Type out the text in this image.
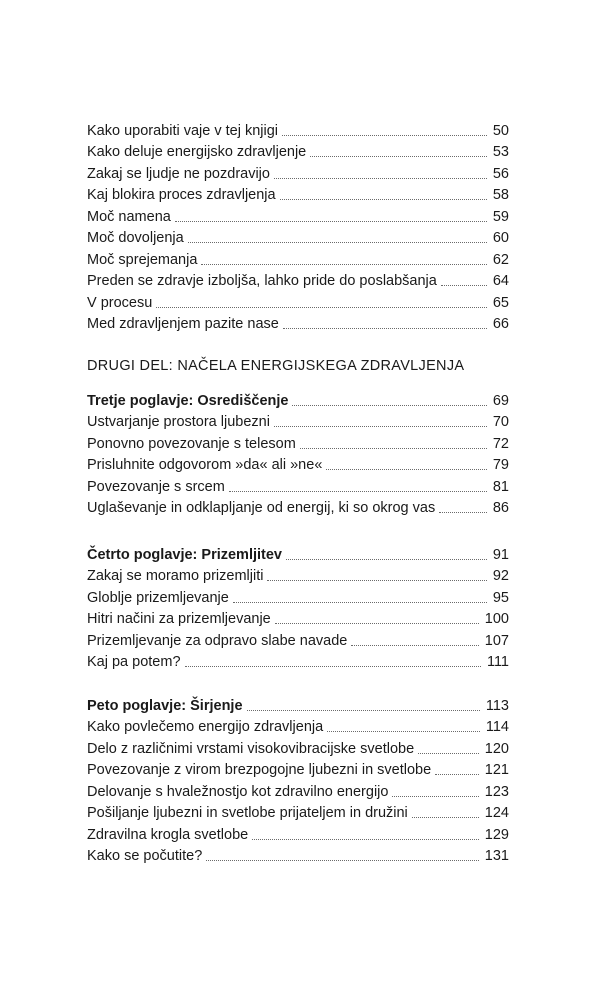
Kako uporabiti vaje v tej knjigi	50
Kako deluje energijsko zdravljenje	53
Zakaj se ljudje ne pozdravijo	56
Kaj blokira proces zdravljenja	58
Moč namena	59
Moč dovoljenja	60
Moč sprejemanja	62
Preden se zdravje izboljša, lahko pride do poslabšanja	64
V procesu	65
Med zdravljenjem pazite nase	66
DRUGI DEL: NAČELA ENERGIJSKEGA ZDRAVLJENJA
Tretje poglavje: Osrediščenje	69
Ustvarjanje prostora ljubezni	70
Ponovno povezovanje s telesom	72
Prisluhnite odgovorom »da« ali »ne«	79
Povezovanje s srcem	81
Uglaševanje in odklapljanje od energij, ki so okrog vas	86
Četrto poglavje: Prizemljitev	91
Zakaj se moramo prizemljiti	92
Globlje prizemljevanje	95
Hitri načini za prizemljevanje	100
Prizemljevanje za odpravo slabe navade	107
Kaj pa potem?	111
Peto poglavje: Širjenje	113
Kako povlečemo energijo zdravljenja	114
Delo z različnimi vrstami visokovibracijske svetlobe	120
Povezovanje z virom brezpogojne ljubezni in svetlobe	121
Delovanje s hvaležnostjo kot zdravilno energijo	123
Pošiljanje ljubezni in svetlobe prijateljem in družini	124
Zdravilna krogla svetlobe	129
Kako se počutite?	131
